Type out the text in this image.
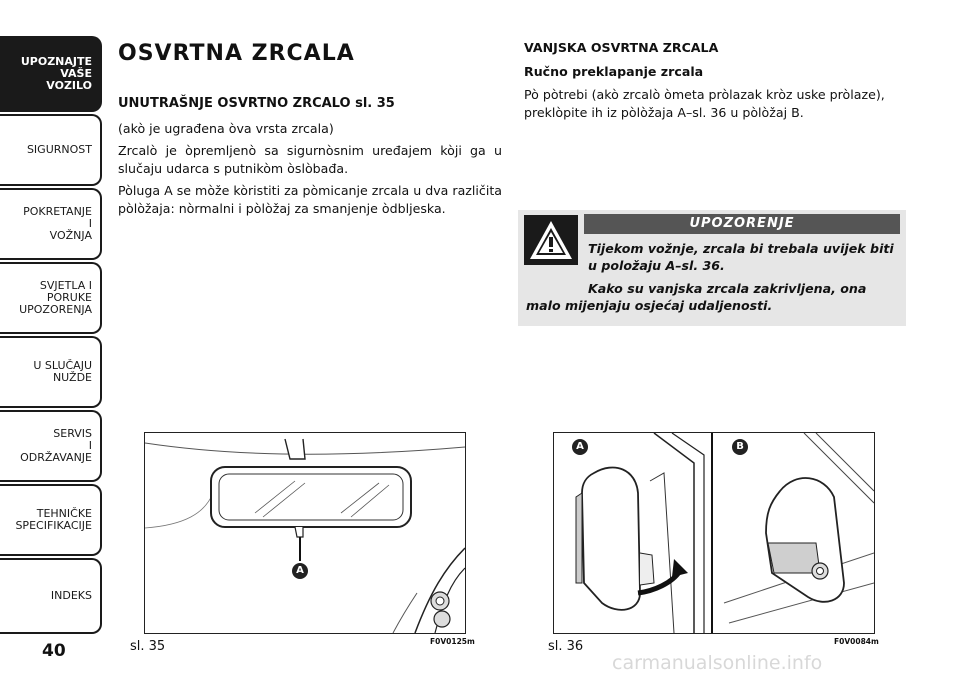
UPOZNAJTE
VAŠE
VOZILO
SIGURNOST
POKRETANJE
I
VOŽNJA
SVJETLA I
PORUKE
UPOZORENJA
U SLUČAJU
NUŽDE
SERVIS
I
ODRŽAVANJE
TEHNIČKE
SPECIFIKACIJE
INDEKS
40
OSVRTNA ZRCALA
UNUTRAŠNJE OSVRTNO ZRCALO sl. 35
(akò je ugrađena òva vrsta zrcala)
Zrcalò je òpremljenò sa sigurnòsnim uređajem kòji ga u slučaju udarca s putnikòm òslòbađa.
Pòluga A se mòže kòristiti za pòmicanje zrcala u dva različita pòlòžaja: nòrmalni i pòlòžaj za smanjenje òdbljeska.
VANJSKA OSVRTNA ZRCALA
Ručno preklapanje zrcala
Pò pòtrebi (akò zrcalò òmeta pròlazak kròz uske pròlaze), preklòpite ih iz pòlòžaja A–sl. 36 u pòlòžaj B.
UPOZORENJE
Tijekom vožnje, zrcala bi trebala uvijek biti u položaju A–sl. 36.
Kako su vanjska zrcala zakrivljena, ona malo mijenjaju osjećaj udaljenosti.
A
sl. 35	F0V0125m
A	B
sl. 36	F0V0084m
carmanualsonline.info
